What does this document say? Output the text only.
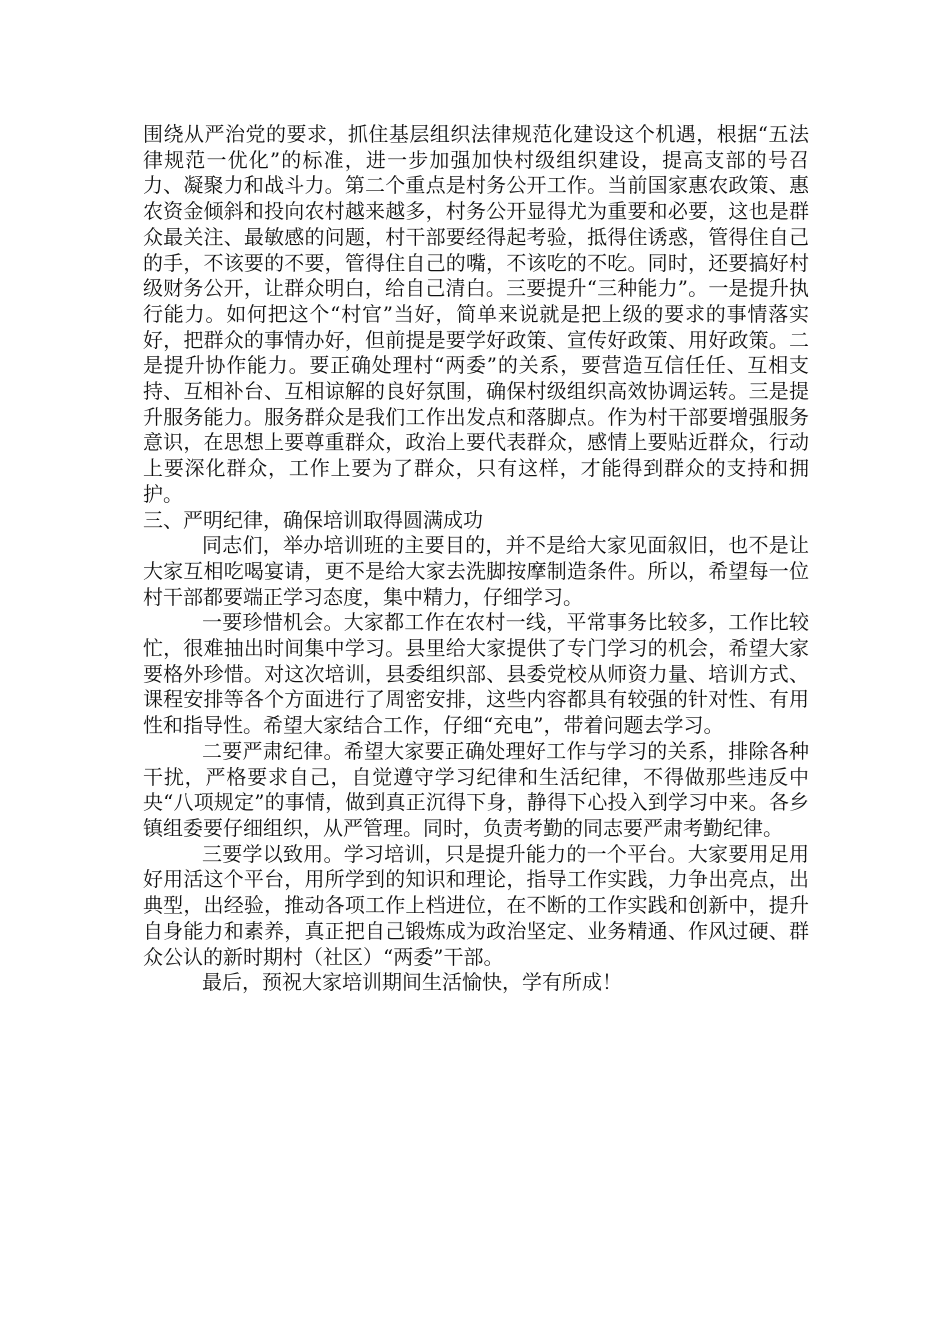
围绕从严治党的要求，抓住基层组织法律规范化建设这个机遇，根据“五法律规范一优化”的标准，进一步加强加快村级组织建设，提高支部的号召力、凝聚力和战斗力。第二个重点是村务公开工作。当前国家惠农政策、惠农资金倾斜和投向农村越来越多，村务公开显得尤为重要和必要，这也是群众最关注、最敏感的问题，村干部要经得起考验，抵得住诱惑，管得住自己的手，不该要的不要，管得住自己的嘴，不该吃的不吃。同时，还要搞好村级财务公开，让群众明白，给自己清白。三要提升“三种能力”。一是提升执行能力。如何把这个“村官”当好，简单来说就是把上级的要求的事情落实好，把群众的事情办好，但前提是要学好政策、宣传好政策、用好政策。二是提升协作能力。要正确处理村“两委”的关系，要营造互信任任、互相支持、互相补台、互相谅解的良好氛围，确保村级组织高效协调运转。三是提升服务能力。服务群众是我们工作出发点和落脚点。作为村干部要增强服务意识，在思想上要尊重群众，政治上要代表群众，感情上要贴近群众，行动上要深化群众，工作上要为了群众，只有这样，才能得到群众的支持和拥护。

三、严明纪律，确保培训取得圆满成功

同志们，举办培训班的主要目的，并不是给大家见面叙旧，也不是让大家互相吃喝宴请，更不是给大家去洗脚按摩制造条件。所以，希望每一位村干部都要端正学习态度，集中精力，仔细学习。

一要珍惜机会。大家都工作在农村一线，平常事务比较多，工作比较忙，很难抽出时间集中学习。县里给大家提供了专门学习的机会，希望大家要格外珍惜。对这次培训，县委组织部、县委党校从师资力量、培训方式、课程安排等各个方面进行了周密安排，这些内容都具有较强的针对性、有用性和指导性。希望大家结合工作，仔细“充电”，带着问题去学习。

二要严肃纪律。希望大家要正确处理好工作与学习的关系，排除各种干扰，严格要求自己，自觉遵守学习纪律和生活纪律，不得做那些违反中央“八项规定”的事情，做到真正沉得下身，静得下心投入到学习中来。各乡镇组委要仔细组织，从严管理。同时，负责考勤的同志要严肃考勤纪律。

三要学以致用。学习培训，只是提升能力的一个平台。大家要用足用好用活这个平台，用所学到的知识和理论，指导工作实践，力争出亮点，出典型，出经验，推动各项工作上档进位，在不断的工作实践和创新中，提升自身能力和素养，真正把自己锻炼成为政治坚定、业务精通、作风过硬、群众公认的新时期村（社区）“两委”干部。

最后，预祝大家培训期间生活愉快，学有所成！
